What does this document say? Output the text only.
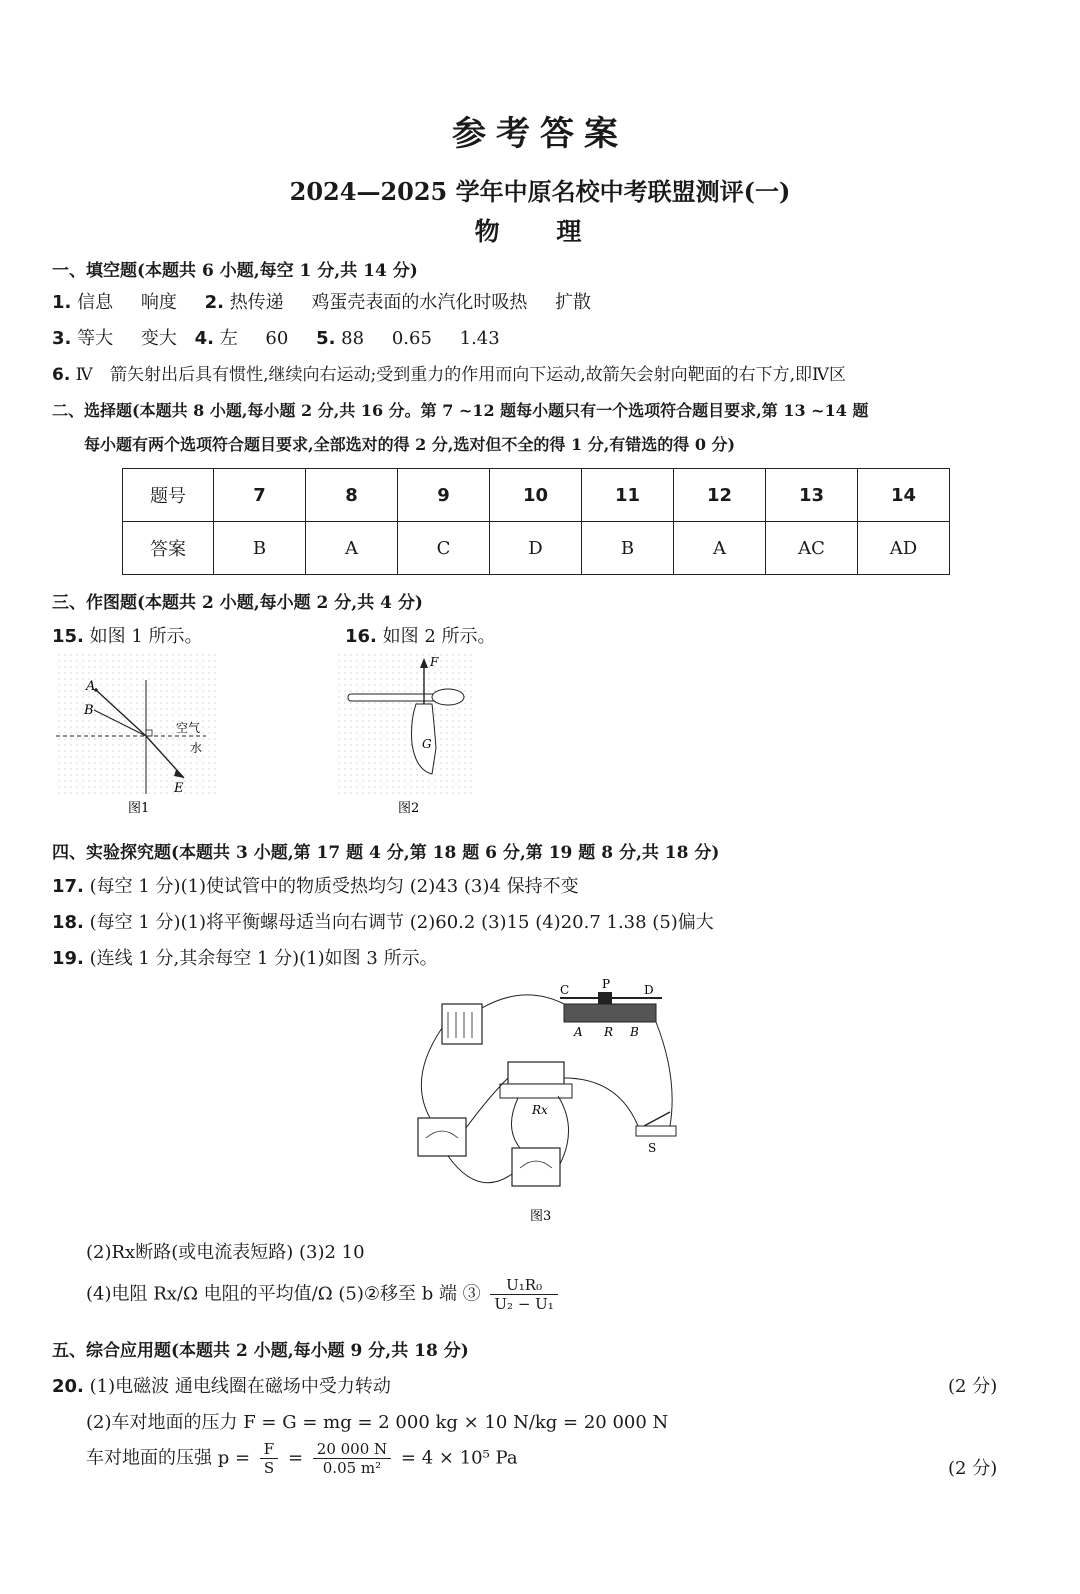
参考答案
2024—2025 学年中原名校中考联盟测评(一)
物 理
一、填空题(本题共 6 小题,每空 1 分,共 14 分)
1. 信息 响度 2. 热传递 鸡蛋壳表面的水汽化时吸热 扩散
3. 等大 变大 4. 左 60 5. 88 0.65 1.43
6. Ⅳ 箭矢射出后具有惯性,继续向右运动;受到重力的作用而向下运动,故箭矢会射向靶面的右下方,即Ⅳ区
二、选择题(本题共 8 小题,每小题 2 分,共 16 分。第 7 ~12 题每小题只有一个选项符合题目要求,第 13 ~14 题
每小题有两个选项符合题目要求,全部选对的得 2 分,选对但不全的得 1 分,有错选的得 0 分)
题号	7	8	9	10	11	12	13	14
答案	B	A	C	D	B	A	AC	AD
三、作图题(本题共 2 小题,每小题 2 分,共 4 分)
15. 如图 1 所示。	16. 如图 2 所示。
A
B
E
空气
水
图1
F
G
图2
四、实验探究题(本题共 3 小题,第 17 题 4 分,第 18 题 6 分,第 19 题 8 分,共 18 分)
17. (每空 1 分)(1)使试管中的物质受热均匀 (2)43 (3)4 保持不变
18. (每空 1 分)(1)将平衡螺母适当向右调节 (2)60.2 (3)15 (4)20.7 1.38 (5)偏大
19. (连线 1 分,其余每空 1 分)(1)如图 3 所示。
C	P	D
A R B
Rx
S
图3
(2)Rx断路(或电流表短路) (3)2 10
(4)电阻 Rx/Ω 电阻的平均值/Ω (5)②移至 b 端 ③ $\frac{\text{U₁R₀}}{\text{U₂ − U₁}}$
五、综合应用题(本题共 2 小题,每小题 9 分,共 18 分)
20. (1)电磁波 通电线圈在磁场中受力转动	(2 分)
(2)车对地面的压力 F = G = mg = 2 000 kg × 10 N/kg = 20 000 N
车对地面的压强 $p = \frac{F}{S} = \frac{20 000 N}{\text{0.05 m²}} = 4 \times 10^5$ Pa	(2 分)
